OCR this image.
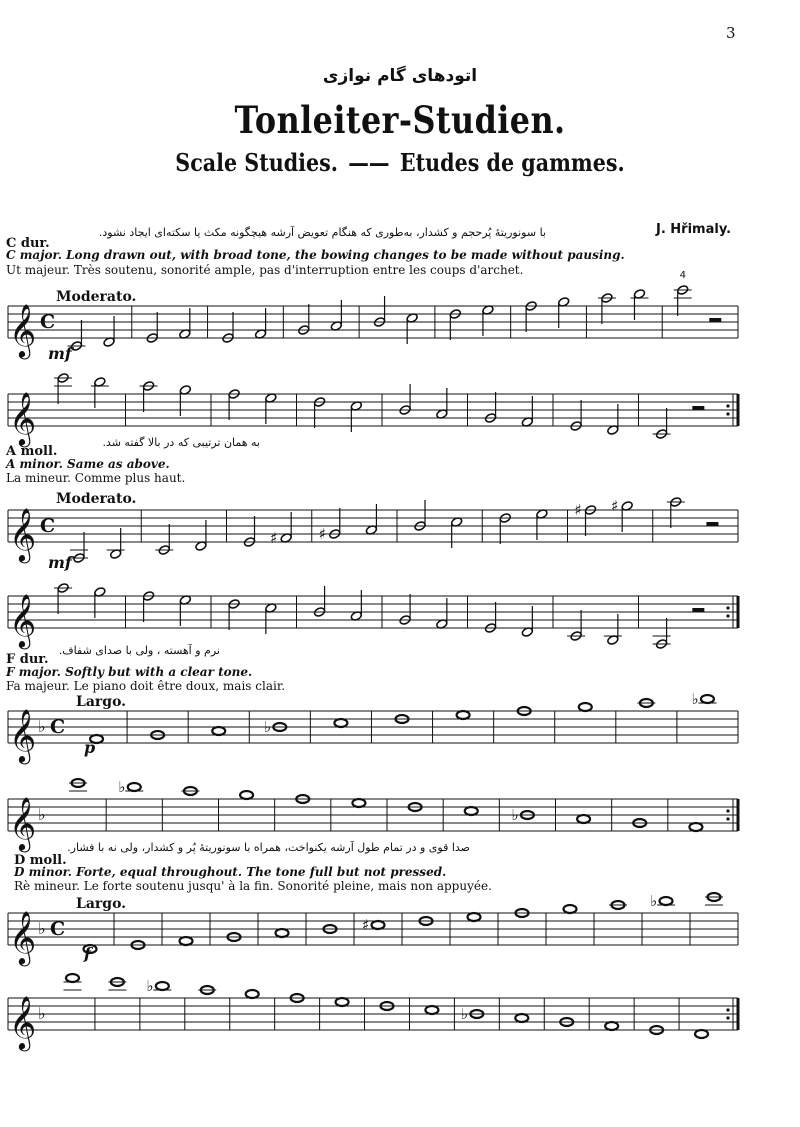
3
اتودهای گام نوازی
Tonleiter-Studien.
Scale Studies. —— Etudes de gammes.
J. Hřimaly.
با سونوریتهٔ پُرحجم و کشدار، به‌طوری که هنگام تعویض آرشه هیچگونه مکث یا سکته‌ای ایجاد نشود.
C dur.
C major. Long drawn out, with broad tone, the bowing changes to be made without pausing.
Ut majeur. Très soutenu, sonorité ample, pas d'interruption entre les coups d'archet.
Moderato.
mf
𝄞 C
4
𝄞	به همان ترتیبی که در بالا گفته شد.
A moll.
A minor. Same as above.
La mineur. Comme plus haut.
Moderato.
mf
𝄞 C
♯	♯
♯ ♯
𝄞
نرم و آهسته ، ولی با صدای شفاف.
F dur.
F major. Softly but with a clear tone.
Fa majeur. Le piano doit être doux, mais clair.
Largo.
p
𝄞 ♭ C	♭
♭
𝄞 ♭
♭
♭
صدا قوی و در تمام طول آرشه یکنواخت، همراه با سونوریتهٔ پُر و کشدار، ولی نه با فشار.
D moll.
D minor. Forte, equal throughout. The tone full but not pressed.
Rè mineur. Le forte soutenu jusqu' à la fin. Sonorité pleine, mais non appuyée.
Largo.
f
𝄞 ♭ C	♯
♭
𝄞 ♭
♭
♭
